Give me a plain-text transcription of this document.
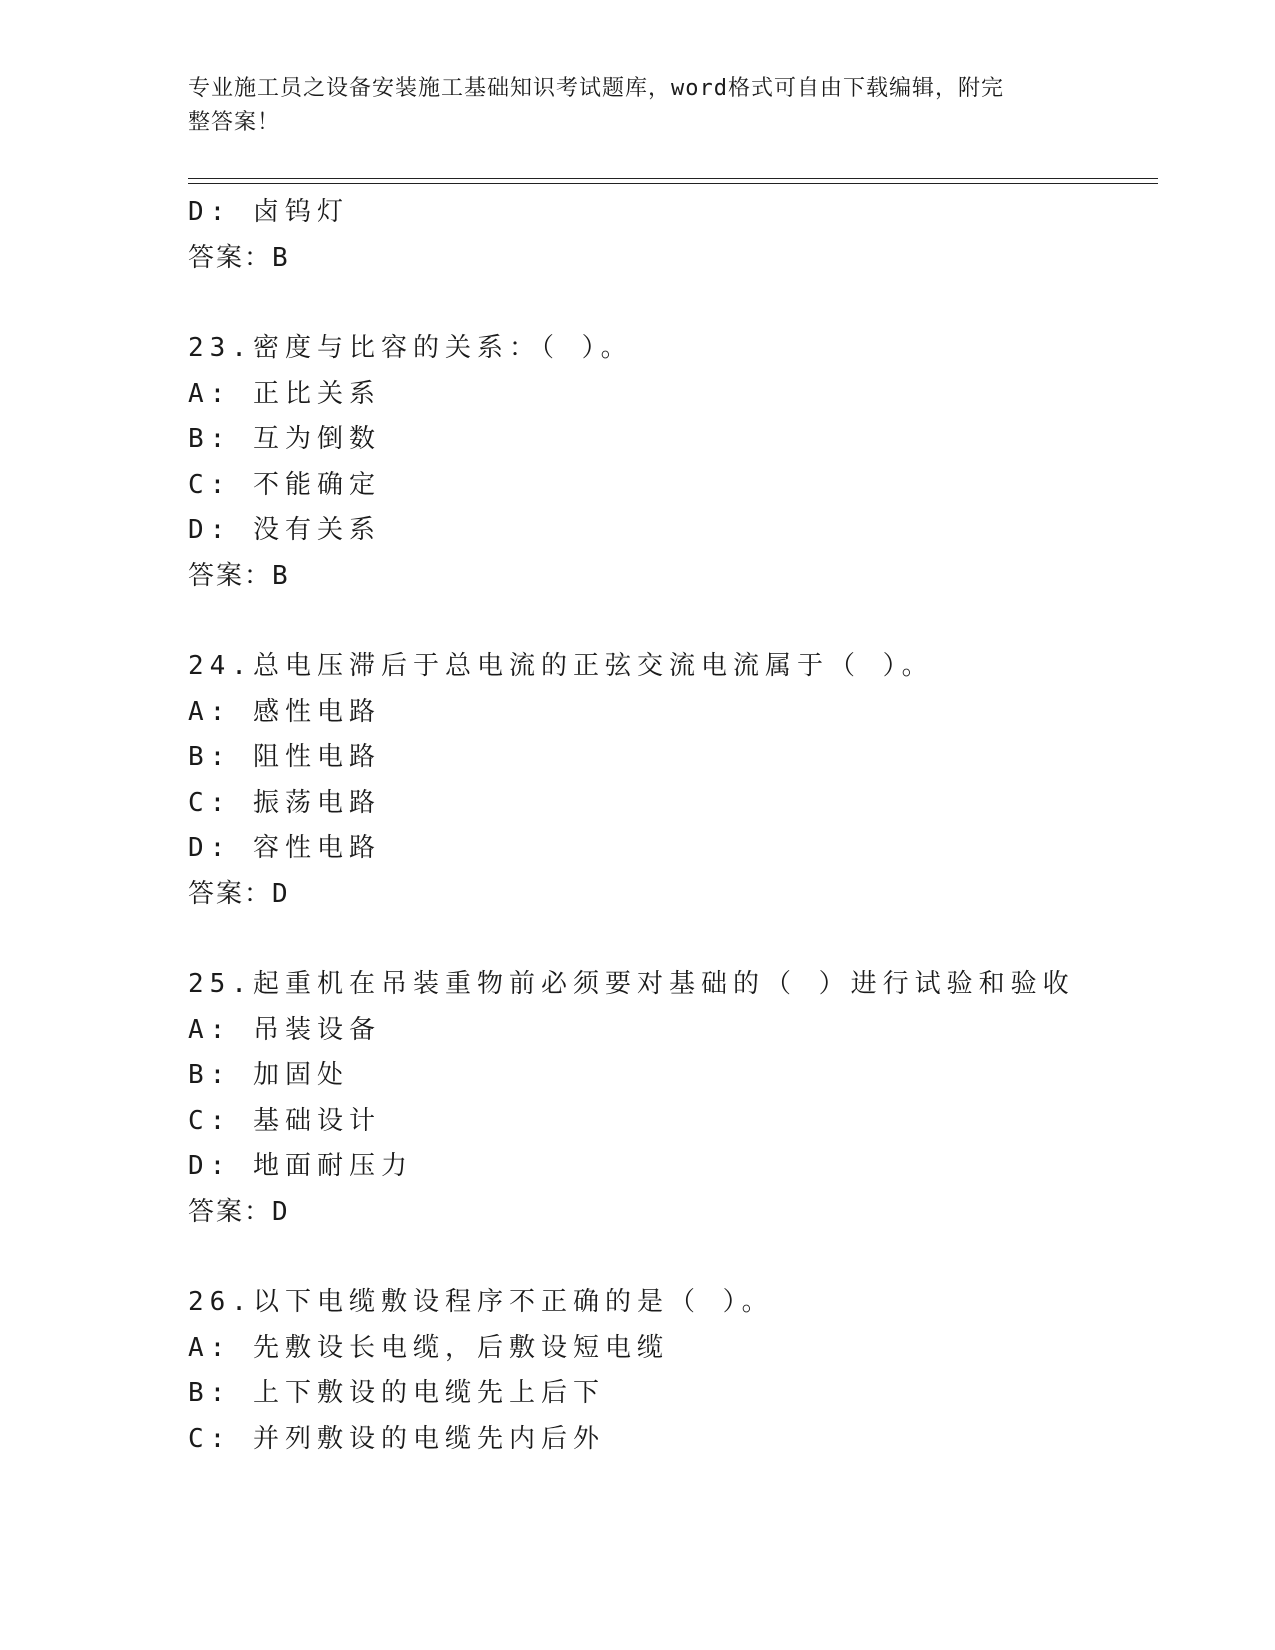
专业施工员之设备安装施工基础知识考试题库，word格式可自由下载编辑，附完
整答案！
D: 卤钨灯
答案：B
23.密度与比容的关系：（ ）。
A: 正比关系
B: 互为倒数
C: 不能确定
D: 没有关系
答案：B
24.总电压滞后于总电流的正弦交流电流属于（ ）。
A: 感性电路
B: 阻性电路
C: 振荡电路
D: 容性电路
答案：D
25.起重机在吊装重物前必须要对基础的（ ）进行试验和验收
A: 吊装设备
B: 加固处
C: 基础设计
D: 地面耐压力
答案：D
26.以下电缆敷设程序不正确的是（ ）。
A: 先敷设长电缆，后敷设短电缆
B: 上下敷设的电缆先上后下
C: 并列敷设的电缆先内后外
